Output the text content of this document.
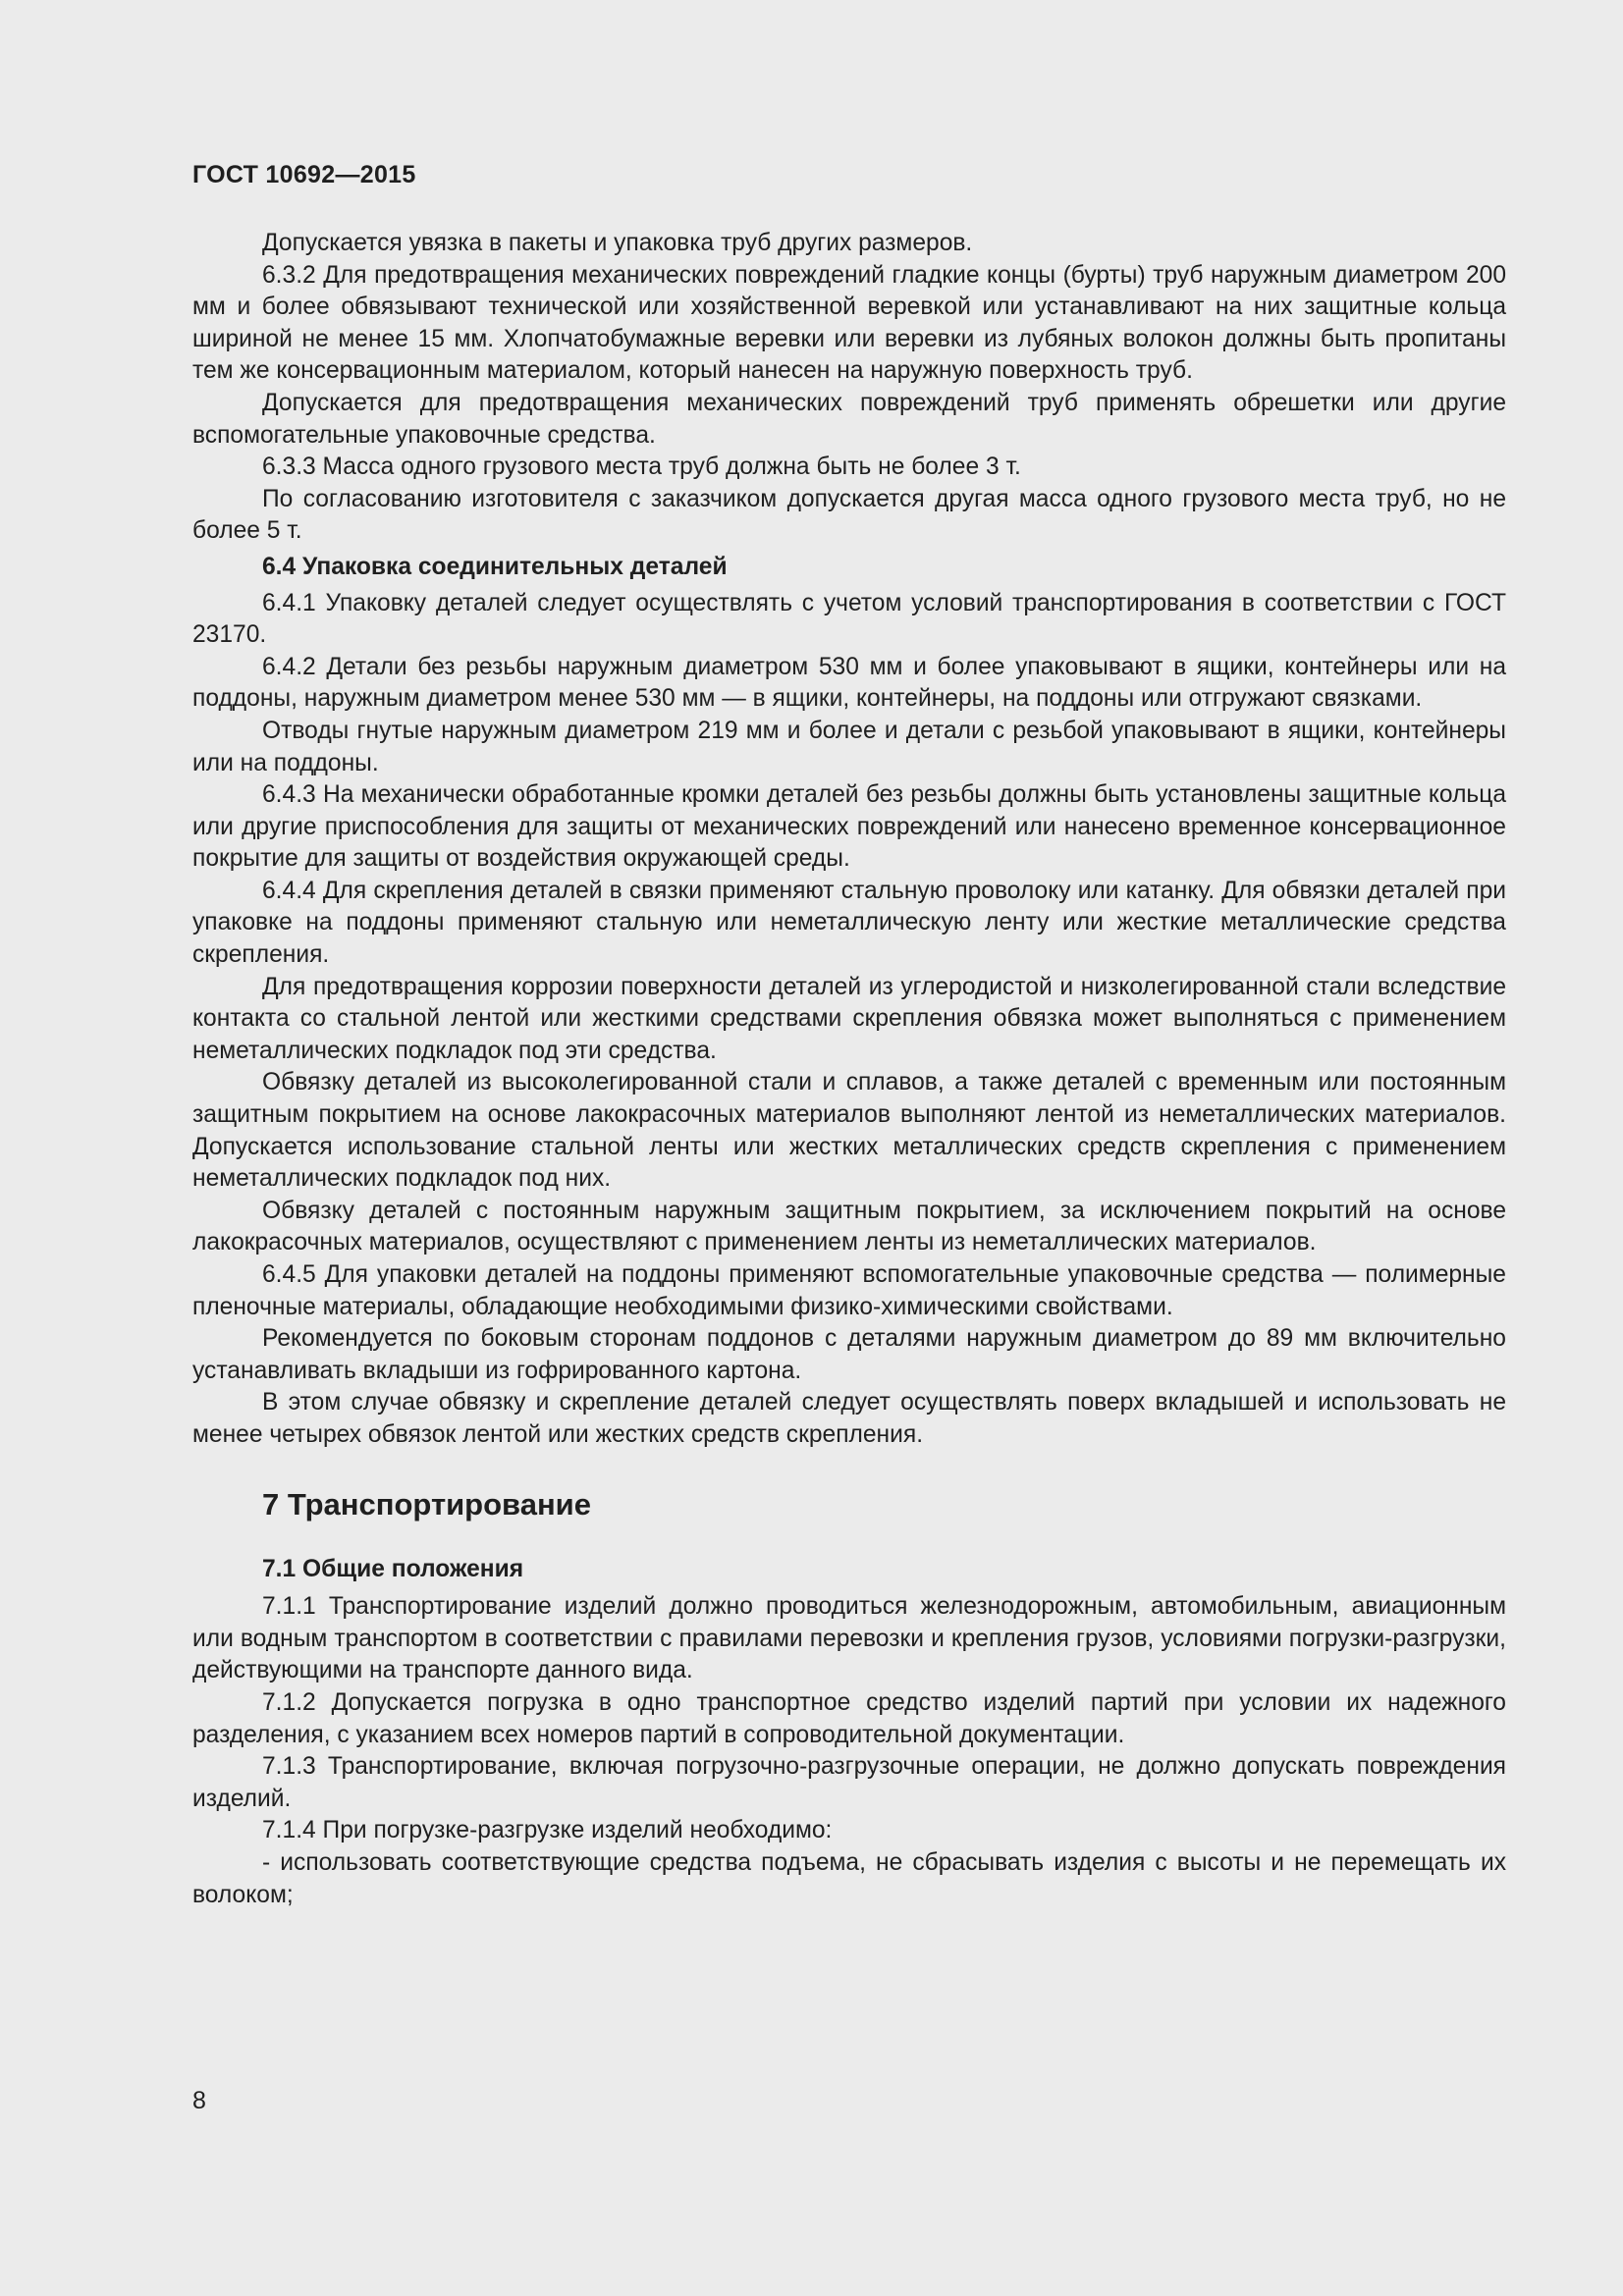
ГОСТ 10692—2015

Допускается увязка в пакеты и упаковка труб других размеров.

6.3.2 Для предотвращения механических повреждений гладкие концы (бурты) труб наружным диаметром 200 мм и более обвязывают технической или хозяйственной веревкой или устанавливают на них защитные кольца шириной не менее 15 мм. Хлопчатобумажные веревки или веревки из лубяных волокон должны быть пропитаны тем же консервационным материалом, который нанесен на наружную поверхность труб.

Допускается для предотвращения механических повреждений труб применять обрешетки или другие вспомогательные упаковочные средства.

6.3.3 Масса одного грузового места труб должна быть не более 3 т.

По согласованию изготовителя с заказчиком допускается другая масса одного грузового места труб, но не более 5 т.

6.4 Упаковка соединительных деталей

6.4.1 Упаковку деталей следует осуществлять с учетом условий транспортирования в соответствии с ГОСТ 23170.

6.4.2 Детали без резьбы наружным диаметром 530 мм и более упаковывают в ящики, контейнеры или на поддоны, наружным диаметром менее 530 мм — в ящики, контейнеры, на поддоны или отгружают связками.

Отводы гнутые наружным диаметром 219 мм и более и детали с резьбой упаковывают в ящики, контейнеры или на поддоны.

6.4.3 На механически обработанные кромки деталей без резьбы должны быть установлены защитные кольца или другие приспособления для защиты от механических повреждений или нанесено временное консервационное покрытие для защиты от воздействия окружающей среды.

6.4.4 Для скрепления деталей в связки применяют стальную проволоку или катанку. Для обвязки деталей при упаковке на поддоны применяют стальную или неметаллическую ленту или жесткие металлические средства скрепления.

Для предотвращения коррозии поверхности деталей из углеродистой и низколегированной стали вследствие контакта со стальной лентой или жесткими средствами скрепления обвязка может выполняться с применением неметаллических подкладок под эти средства.

Обвязку деталей из высоколегированной стали и сплавов, а также деталей с временным или постоянным защитным покрытием на основе лакокрасочных материалов выполняют лентой из неметаллических материалов. Допускается использование стальной ленты или жестких металлических средств скрепления с применением неметаллических подкладок под них.

Обвязку деталей с постоянным наружным защитным покрытием, за исключением покрытий на основе лакокрасочных материалов, осуществляют с применением ленты из неметаллических материалов.

6.4.5 Для упаковки деталей на поддоны применяют вспомогательные упаковочные средства — полимерные пленочные материалы, обладающие необходимыми физико-химическими свойствами.

Рекомендуется по боковым сторонам поддонов с деталями наружным диаметром до 89 мм включительно устанавливать вкладыши из гофрированного картона.

В этом случае обвязку и скрепление деталей следует осуществлять поверх вкладышей и использовать не менее четырех обвязок лентой или жестких средств скрепления.

7 Транспортирование
7.1 Общие положения

7.1.1 Транспортирование изделий должно проводиться железнодорожным, автомобильным, авиационным или водным транспортом в соответствии с правилами перевозки и крепления грузов, условиями погрузки-разгрузки, действующими на транспорте данного вида.

7.1.2 Допускается погрузка в одно транспортное средство изделий партий при условии их надежного разделения, с указанием всех номеров партий в сопроводительной документации.

7.1.3 Транспортирование, включая погрузочно-разгрузочные операции, не должно допускать повреждения изделий.

7.1.4 При погрузке-разгрузке изделий необходимо:

- использовать соответствующие средства подъема, не сбрасывать изделия с высоты и не перемещать их волоком;

8
